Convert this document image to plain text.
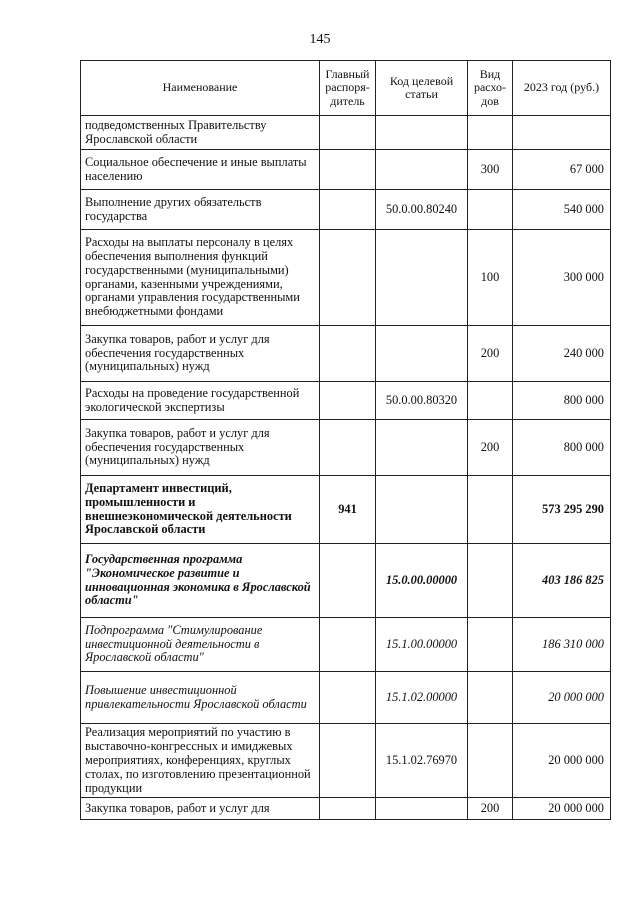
145
Наименование	Главный распоря-дитель	Код целевой статьи	Вид расхо-дов	2023 год (руб.)
подведомственных Правительству Ярославской области				
Социальное обеспечение и иные выплаты населению			300	67 000
Выполнение других обязательств государства		50.0.00.80240		540 000
Расходы на выплаты персоналу в целях обеспечения выполнения функций государственными (муниципальными) органами, казенными учреждениями, органами управления государственными внебюджетными фондами			100	300 000
Закупка товаров, работ и услуг для обеспечения государственных (муниципальных) нужд			200	240 000
Расходы на проведение государственной экологической экспертизы		50.0.00.80320		800 000
Закупка товаров, работ и услуг для обеспечения государственных (муниципальных) нужд			200	800 000
Департамент инвестиций, промышленности и внешнеэкономической деятельности Ярославской области	941			573 295 290
Государственная программа "Экономическое развитие и инновационная экономика в Ярославской области"		15.0.00.00000		403 186 825
Подпрограмма "Стимулирование инвестиционной деятельности в Ярославской области"		15.1.00.00000		186 310 000
Повышение инвестиционной привлекательности Ярославской области		15.1.02.00000		20 000 000
Реализация мероприятий по участию в выставочно-конгрессных и имиджевых мероприятиях, конференциях, круглых столах, по изготовлению презентационной продукции		15.1.02.76970		20 000 000
Закупка товаров, работ и услуг для			200	20 000 000
